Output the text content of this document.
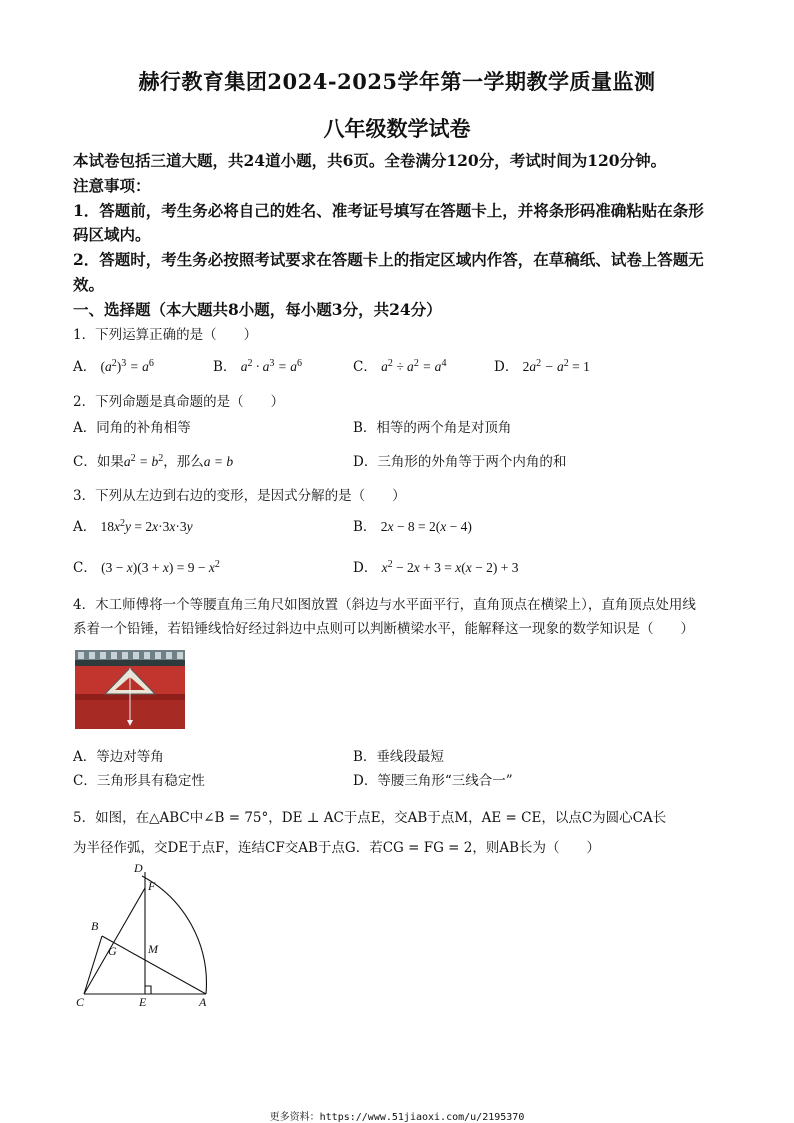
赫行教育集团2024-2025学年第一学期教学质量监测
八年级数学试卷
本试卷包括三道大题，共24道小题，共6页。全卷满分120分，考试时间为120分钟。
注意事项：
1．答题前，考生务必将自己的姓名、准考证号填写在答题卡上，并将条形码准确粘贴在条形
码区域内。
2．答题时，考生务必按照考试要求在答题卡上的指定区域内作答，在草稿纸、试卷上答题无
效。
一、选择题（本大题共8小题，每小题3分，共24分）
1．下列运算正确的是（　　）
A． $(a^2)^3 = a^6$	B． $a^2 \cdot a^3 = a^6$	C． $a^2 \div a^2 = a^4$	D． $2a^2 - a^2 = 1$
2．下列命题是真命题的是（　　）
A．同角的补角相等	B．相等的两个角是对顶角
C．如果$a^2 = b^2$，那么a = b	D．三角形的外角等于两个内角的和
3．下列从左边到右边的变形，是因式分解的是（　　）
A． $18x^2y = 2x\cdot 3x\cdot 3y$	B． 2x − 8 = 2(x − 4)
C． $(3 - x)(3 + x) = 9 - x^2$	D． $x^2 - 2x + 3 = x(x - 2) + 3$
4．木工师傅将一个等腰直角三角尺如图放置（斜边与水平面平行，直角顶点在横梁上），直角顶点处用线
系着一个铅锤，若铅锤线恰好经过斜边中点则可以判断横梁水平，能解释这一现象的数学知识是（　　）
A．等边对等角	B．垂线段最短
C．三角形具有稳定性	D．等腰三角形“三线合一”
5．如图，在△ABC中∠B = 75°，DE ⊥ AC于点E，交AB于点M，AE = CE，以点C为圆心CA长
为半径作弧，交DE于点F，连结CF交AB于点G．若CG = FG = 2，则AB长为（　　）
D
F
B
G	M
C	E	A
更多资料：https://www.51jiaoxi.com/u/2195370
